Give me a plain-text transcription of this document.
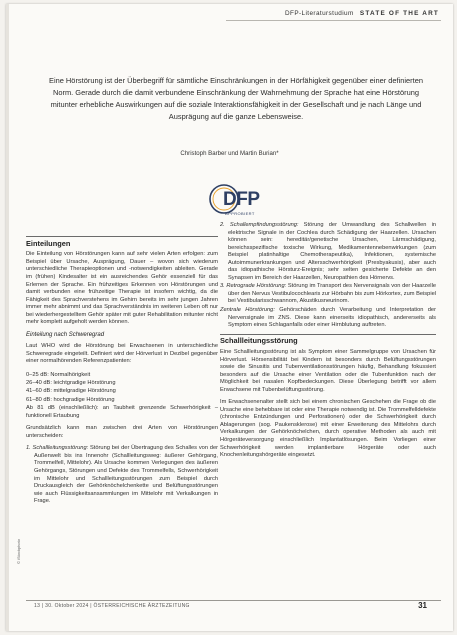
DFP-Literaturstudium STATE OF THE ART

Eine Hörstörung ist der Überbegriff für sämtliche Einschränkungen in der Hörfähigkeit gegenüber einer definierten Norm. Gerade durch die damit verbundene Einschränkung der Wahrnehmung der Sprache hat eine Hörstörung mitunter erhebliche Auswirkungen auf die soziale Interaktionsfähigkeit in der Gesellschaft und je nach Länge und Ausprägung auf die ganze Lebensweise.

Christoph Barber und Martin Burian*
DFP
APPROBIERT
Einteilungen

Die Einteilung von Hörstörungen kann auf sehr vielen Arten erfolgen: zum Beispiel über Ursache, Ausprägung, Dauer – wovon sich wiederum unterschiedliche Therapieoptionen und -notwendigkeiten ableiten. Gerade im (frühen) Kindesalter ist ein ausreichendes Gehör essenziell für das Erlernen der Sprache. Ein frühzeitiges Erkennen von Hörstörungen und damit verbunden eine frühzeitige Therapie ist insofern wichtig, da die Fähigkeit des Sprachverstehens im Gehirn bereits im sehr jungen Jahren immer mehr abnimmt und das Sprachverständnis im weiteren Leben oft nur bei wiederhergestelltem Gehör später mit guter Rehabilitation mitunter nicht mehr komplett aufgeholt werden können.

Einteilung nach Schweregrad

Laut WHO wird die Hörstörung bei Erwachsenen in unterschiedliche Schweregrade eingeteilt. Definiert wird der Hörverlust in Dezibel gegenüber einer normalhörenden Referenzpatienten:

0–25 dB: Normalhörigkeit
26–40 dB: leichtgradige Hörstörung
41–60 dB: mittelgradige Hörstörung
61–80 dB: hochgradige Hörstörung
Ab 81 dB (einschließlich): an Taubheit grenzende Schwerhörigkeit – funktionell Ertaubung

Grundsätzlich kann man zwischen drei Arten von Hörstörungen unterscheiden:

1. Schallleitungsstörung: Störung bei der Übertragung des Schalles von der Außenwelt bis ins Innenohr (Schallleitungsweg: äußerer Gehörgang, Trommelfell, Mittelohr). Als Ursache kommen Verlegungen des äußeren Gehörgangs, Störungen und Defekte des Trommelfells, Schwerhörigkeit im Mittelohr und Schallleitungsstörungen zum Beispiel durch Druckausgleich der Gehörknöchelchenkette und Belüftungsstörungen wie auch Flüssigkeitsansammlungen im Mittelohr mit Verkalkungen in Frage.
2. Schallempfindungsstörung: Störung der Umwandlung des Schallwellen in elektrische Signale in der Cochlea durch Schädigung der Haarzellen. Ursachen können sein: hereditär/genetische Ursachen, Lärmschädigung, bereichsspezifische toxische Wirkung, Medikamentennebenwirkungen (zum Beispiel platinhaltige Chemotherapeutika), Infektionen, systemische Autoimmunerkrankungen und Altersschwerhörigkeit (Presbyakusis), aber auch das idiopathische Hörsturz-Ereignis; sehr selten gesicherte Defekte an den Synapsen im Bereich der Haarzellen, Neuropathien des Hörnervs.
3. Retrograde Hörstörung: Störung im Transport des Nervensignals von der Haarzelle über den Nervus Vestibulocochlearis zur Hörbahn bis zum Hörkortex, zum Beispiel bei Vestibularisschwannom, Akustikusneurinom.
Zentrale Hörstörung: Gehörschäden durch Verarbeitung und Interpretation der Nervensignale im ZNS. Diese kann einerseits idiopathisch, andererseits als Symptom eines Schlaganfalls oder einer Hirnblutung auftreten.
Schallleitungsstörung

Eine Schallleitungsstörung ist als Symptom einer Sammelgruppe von Ursachen für Hörverlust. Hörsensibilität bei Kindern ist besonders durch Belüftungsstörungen sowie die Sinusitis und Tubenventilationsstörungen häufig, Behandlung fokussiert besonders auf die Ursache einer Ventilation oder die Tubenfunktion nach der Möglichkeit bei nasalen Kopfbedeckungen. Diese Überlegung betrifft vor allem Erwachsene mit Tubenbelüftungsstörung.

Im Erwachsenenalter stellt sich bei einem chronischen Geschehen die Frage ob die Ursache eine behebbare ist oder eine Therapie notwendig ist. Die Trommelfelldefekte (chronische Entzündungen und Perforationen) oder die Schwerhörigkeit durch Ablagerungen (sog. Paukensklerose) mit einer Erweiterung des Mittelohrs durch Verkalkungen der Gehörknöchelchen, durch operative Methoden als auch mit Hörgeräteversorgung einschließlich Implantatlösungen. Beim Vorliegen einer Schwerhörigkeit werden implantierbare Hörgeräte oder auch Knochenleitungshörgeräte eingesetzt.

© iStockphoto
13 | 30. Oktober 2024 | ÖSTERREICHISCHE ÄRZTEZEITUNG	31
